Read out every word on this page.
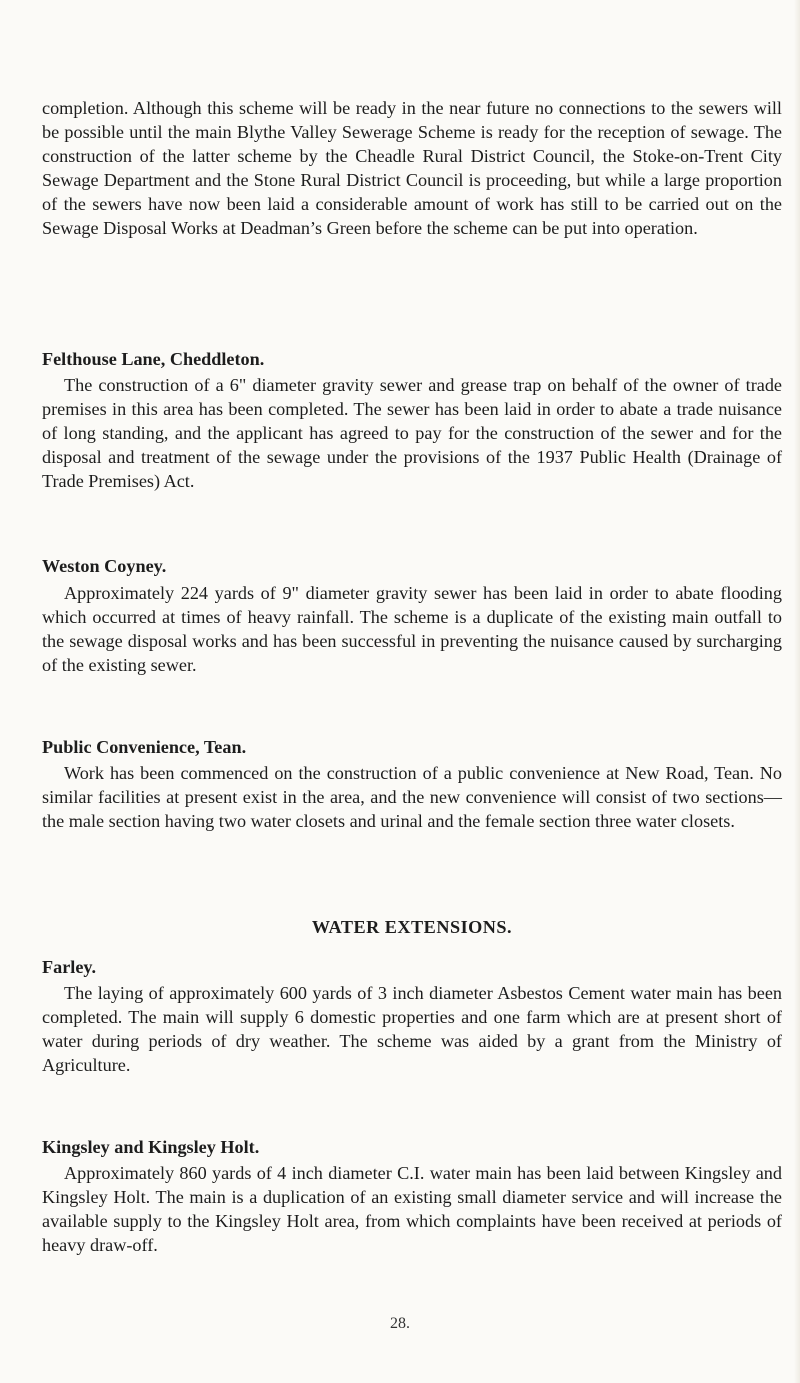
completion. Although this scheme will be ready in the near future no connections to the sewers will be possible until the main Blythe Valley Sewerage Scheme is ready for the reception of sewage. The construction of the latter scheme by the Cheadle Rural District Council, the Stoke-on-Trent City Sewage Department and the Stone Rural District Council is proceeding, but while a large proportion of the sewers have now been laid a considerable amount of work has still to be carried out on the Sewage Disposal Works at Deadman’s Green before the scheme can be put into operation.

Felthouse Lane, Cheddleton.

The construction of a 6" diameter gravity sewer and grease trap on behalf of the owner of trade premises in this area has been completed. The sewer has been laid in order to abate a trade nuisance of long standing, and the applicant has agreed to pay for the construction of the sewer and for the disposal and treatment of the sewage under the provisions of the 1937 Public Health (Drainage of Trade Premises) Act.

Weston Coyney.

Approximately 224 yards of 9" diameter gravity sewer has been laid in order to abate flooding which occurred at times of heavy rainfall. The scheme is a duplicate of the existing main outfall to the sewage disposal works and has been successful in preventing the nuisance caused by surcharging of the existing sewer.

Public Convenience, Tean.

Work has been commenced on the construction of a public convenience at New Road, Tean. No similar facilities at present exist in the area, and the new convenience will consist of two sections—the male section having two water closets and urinal and the female section three water closets.

WATER EXTENSIONS.
Farley.

The laying of approximately 600 yards of 3 inch diameter Asbestos Cement water main has been completed. The main will supply 6 domestic properties and one farm which are at present short of water during periods of dry weather. The scheme was aided by a grant from the Ministry of Agriculture.

Kingsley and Kingsley Holt.

Approximately 860 yards of 4 inch diameter C.I. water main has been laid between Kingsley and Kingsley Holt. The main is a duplication of an existing small diameter service and will increase the available supply to the Kingsley Holt area, from which complaints have been received at periods of heavy draw-off.

28.
